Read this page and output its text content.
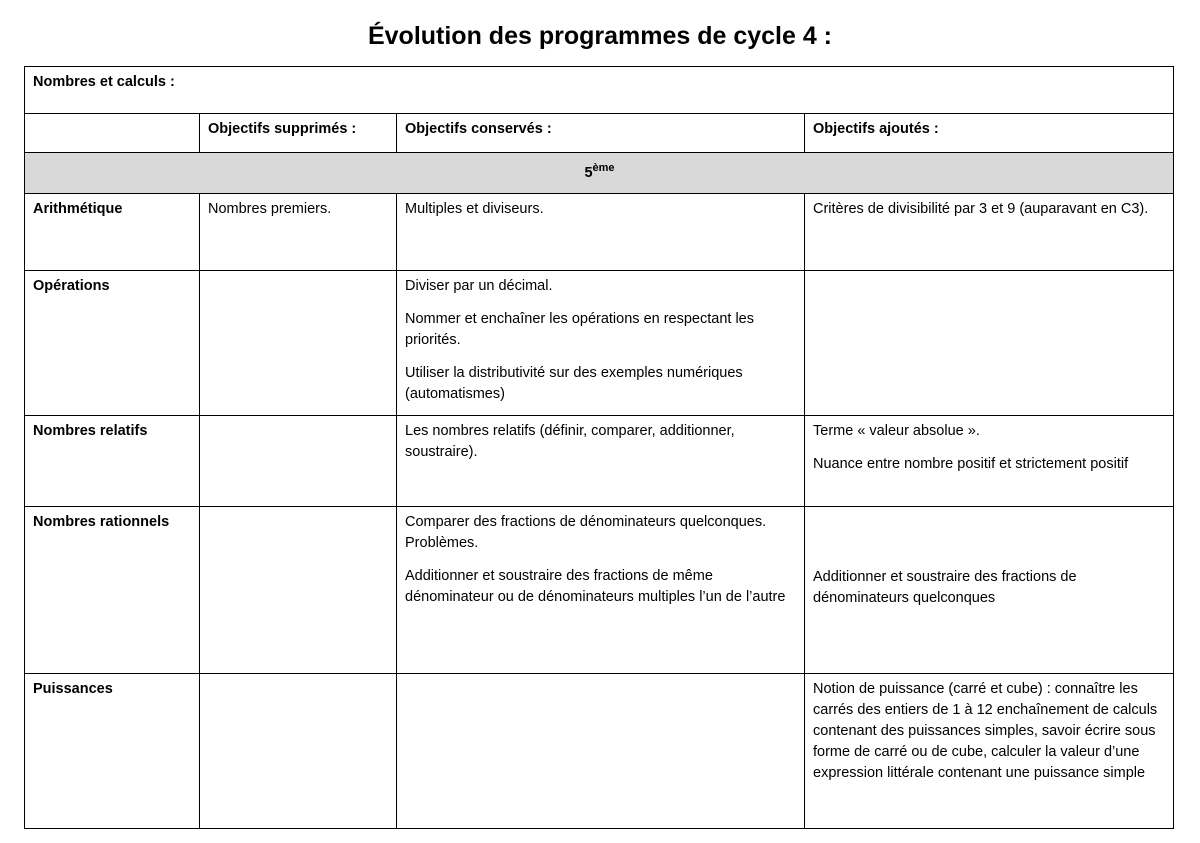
Évolution des programmes de cycle 4 :
Nombres et calculs :			
	Objectifs supprimés :	Objectifs conservés :	Objectifs ajoutés :
5ème
Arithmétique	Nombres premiers.	Multiples et diviseurs.	Critères de divisibilité par 3 et 9 (auparavant en C3).

Opérations		Diviser par un décimal.
Nommer et enchaîner les opérations en respectant les priorités.
Utiliser la distributivité sur des exemples numériques (automatismes)	

Nombres relatifs		Les nombres relatifs (définir, comparer, additionner, soustraire).	Terme « valeur absolue ».
Nuance entre nombre positif et strictement positif

Nombres rationnels		Comparer des fractions de dénominateurs quelconques. Problèmes.
Additionner et soustraire des fractions de même dénominateur ou de dénominateurs multiples l’un de l’autre	Additionner et soustraire des fractions de dénominateurs quelconques

Puissances			Notion de puissance (carré et cube) : connaître les carrés des entiers de 1 à 12 enchaînement de calculs contenant des puissances simples, savoir écrire sous forme de carré ou de cube, calculer la valeur d’une expression littérale contenant une puissance simple
